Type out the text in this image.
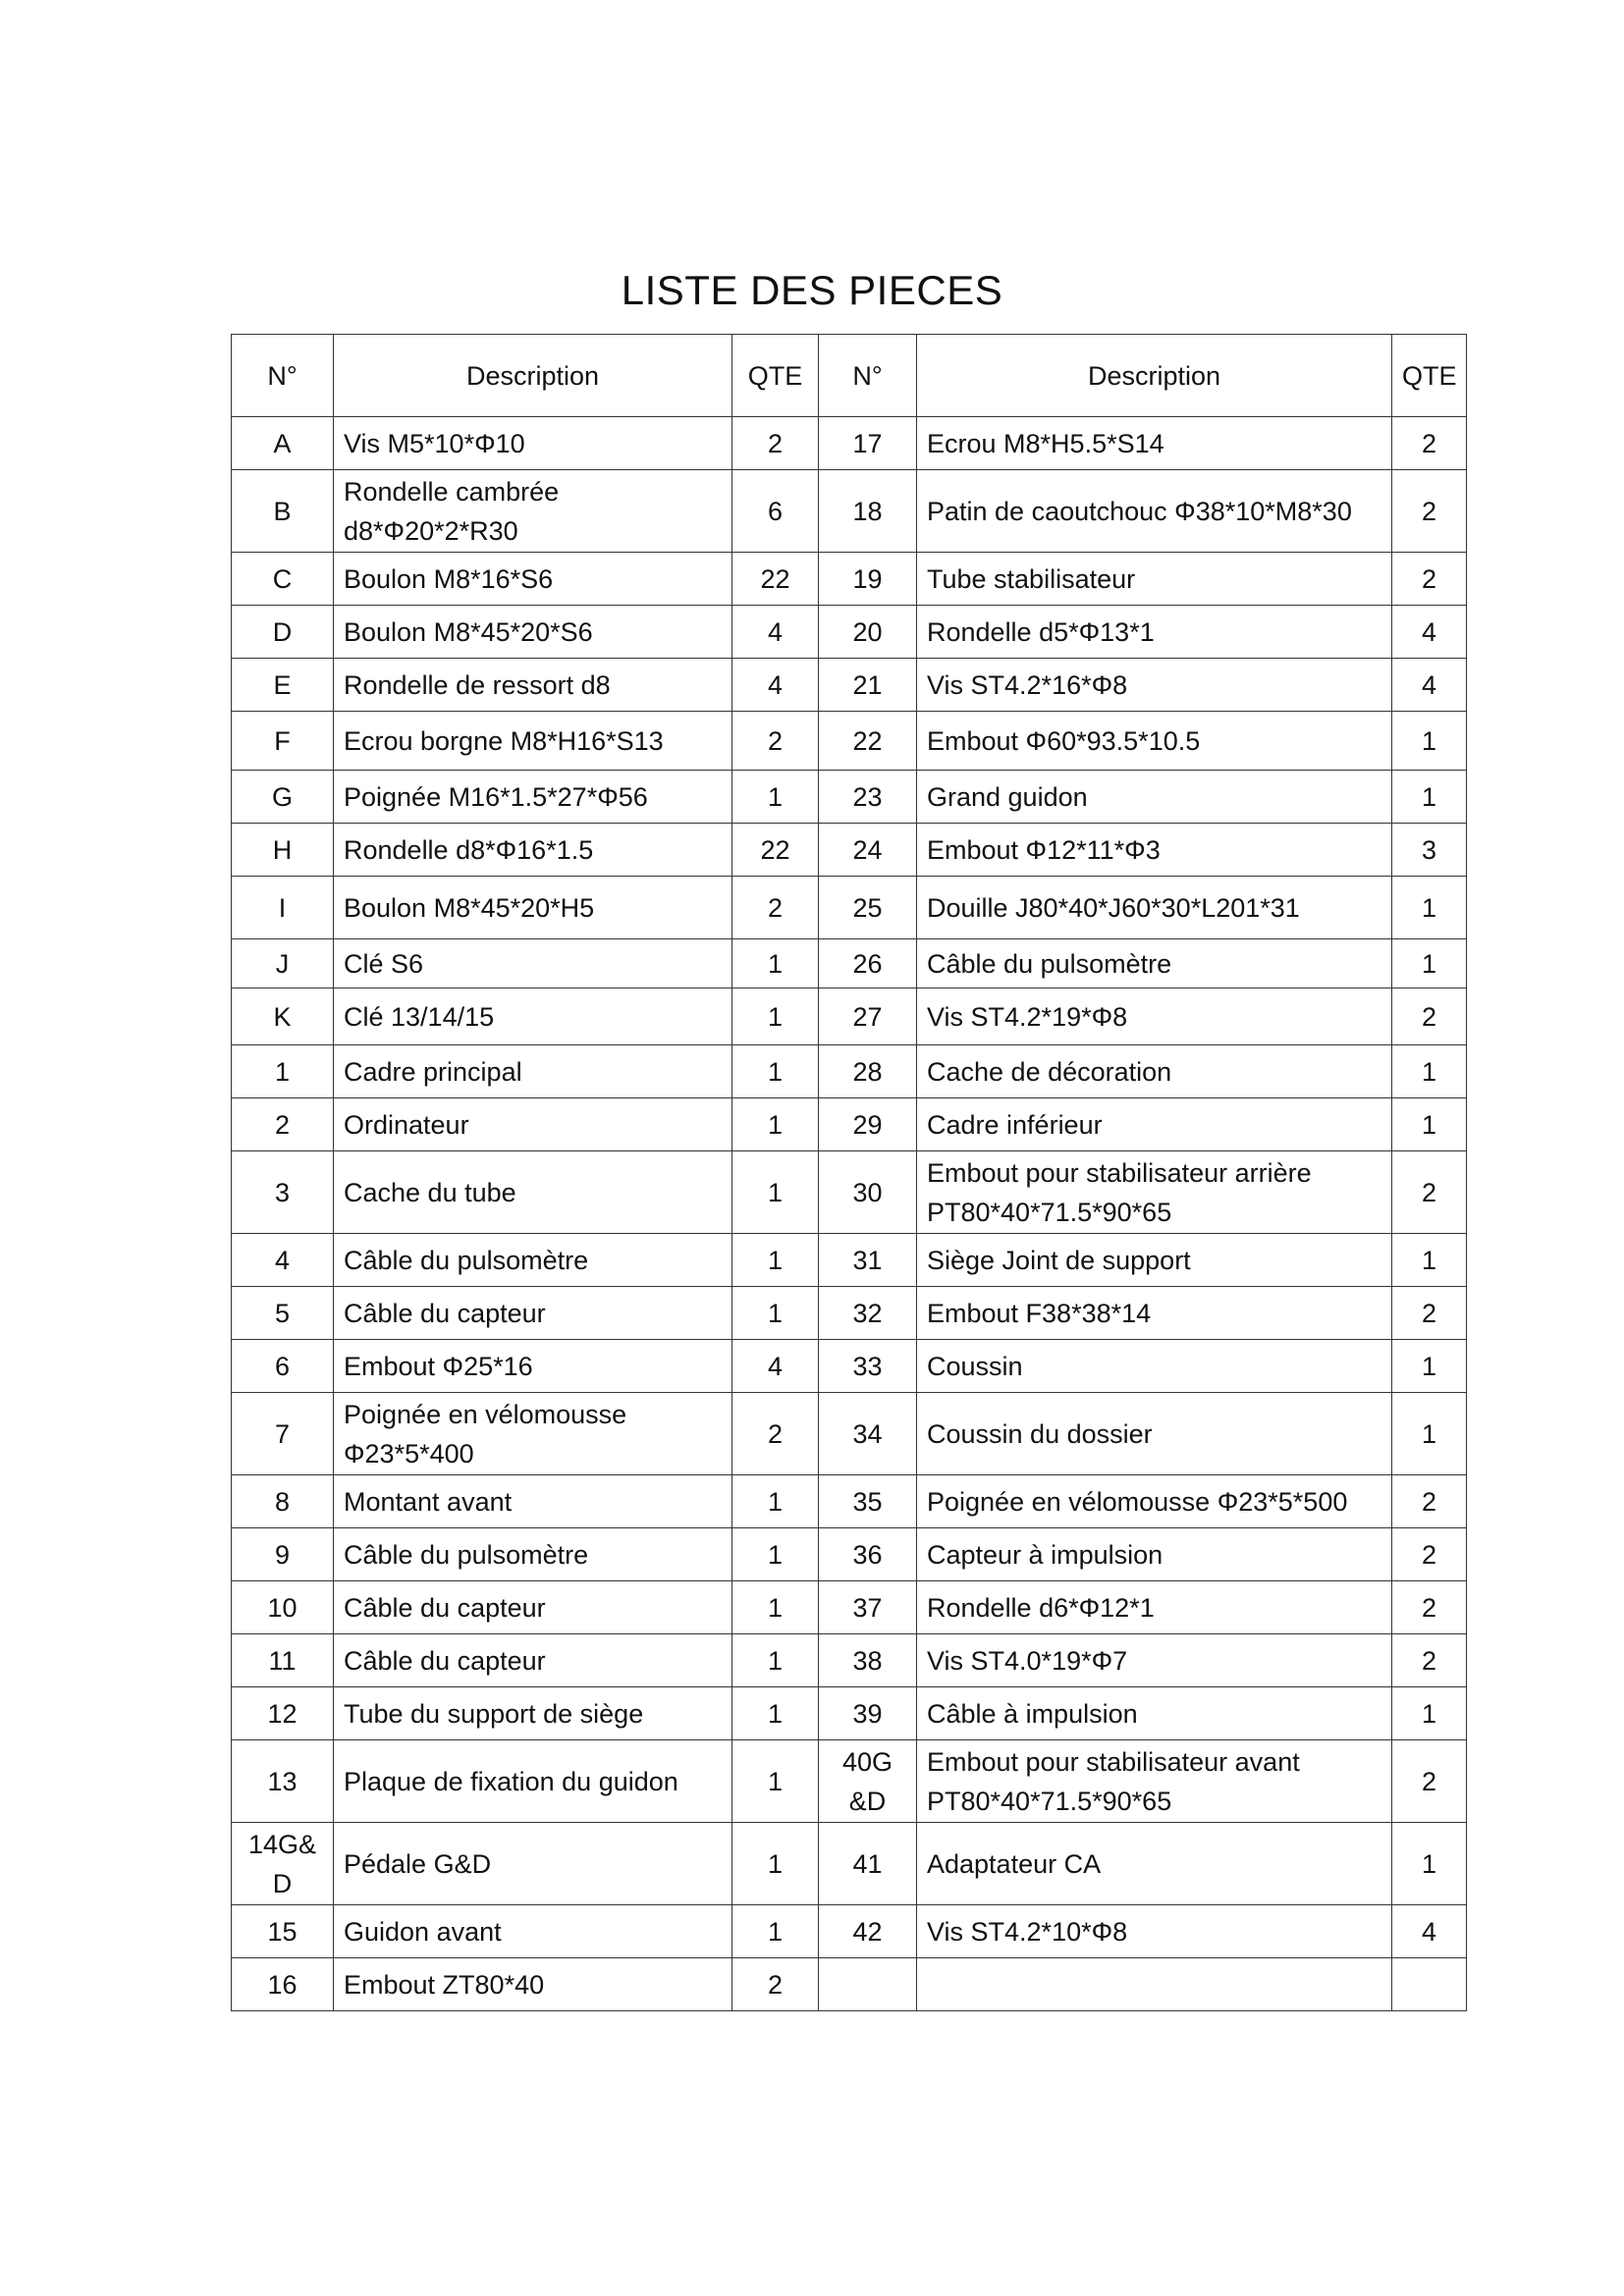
LISTE DES PIECES
N°	Description	QTE	N°	Description	QTE
A	Vis M5*10*Φ10	2	17	Ecrou M8*H5.5*S14	2
B	Rondelle cambrée d8*Φ20*2*R30	6	18	Patin de caoutchouc Φ38*10*M8*30	2
C	Boulon M8*16*S6	22	19	Tube stabilisateur	2
D	Boulon M8*45*20*S6	4	20	Rondelle d5*Φ13*1	4
E	Rondelle de ressort d8	4	21	Vis ST4.2*16*Φ8	4
F	Ecrou borgne M8*H16*S13	2	22	Embout Φ60*93.5*10.5	1
G	Poignée M16*1.5*27*Φ56	1	23	Grand guidon	1
H	Rondelle d8*Φ16*1.5	22	24	Embout Φ12*11*Φ3	3
I	Boulon M8*45*20*H5	2	25	Douille J80*40*J60*30*L201*31	1
J	Clé S6	1	26	Câble du pulsomètre	1
K	Clé 13/14/15	1	27	Vis ST4.2*19*Φ8	2
1	Cadre principal	1	28	Cache de décoration	1
2	Ordinateur	1	29	Cadre inférieur	1
3	Cache du tube	1	30	Embout pour stabilisateur arrière PT80*40*71.5*90*65	2
4	Câble du pulsomètre	1	31	Siège Joint de support	1
5	Câble du capteur	1	32	Embout F38*38*14	2
6	Embout Φ25*16	4	33	Coussin	1
7	Poignée en vélomousse Φ23*5*400	2	34	Coussin du dossier	1
8	Montant avant	1	35	Poignée en vélomousse Φ23*5*500	2
9	Câble du pulsomètre	1	36	Capteur à impulsion	2
10	Câble du capteur	1	37	Rondelle d6*Φ12*1	2
11	Câble du capteur	1	38	Vis ST4.0*19*Φ7	2
12	Tube du support de siège	1	39	Câble à impulsion	1
13	Plaque de fixation du guidon	1	40G &D	Embout pour stabilisateur avant PT80*40*71.5*90*65	2
14G& D	Pédale G&D	1	41	Adaptateur CA	1
15	Guidon avant	1	42	Vis ST4.2*10*Φ8	4
16	Embout ZT80*40	2			
